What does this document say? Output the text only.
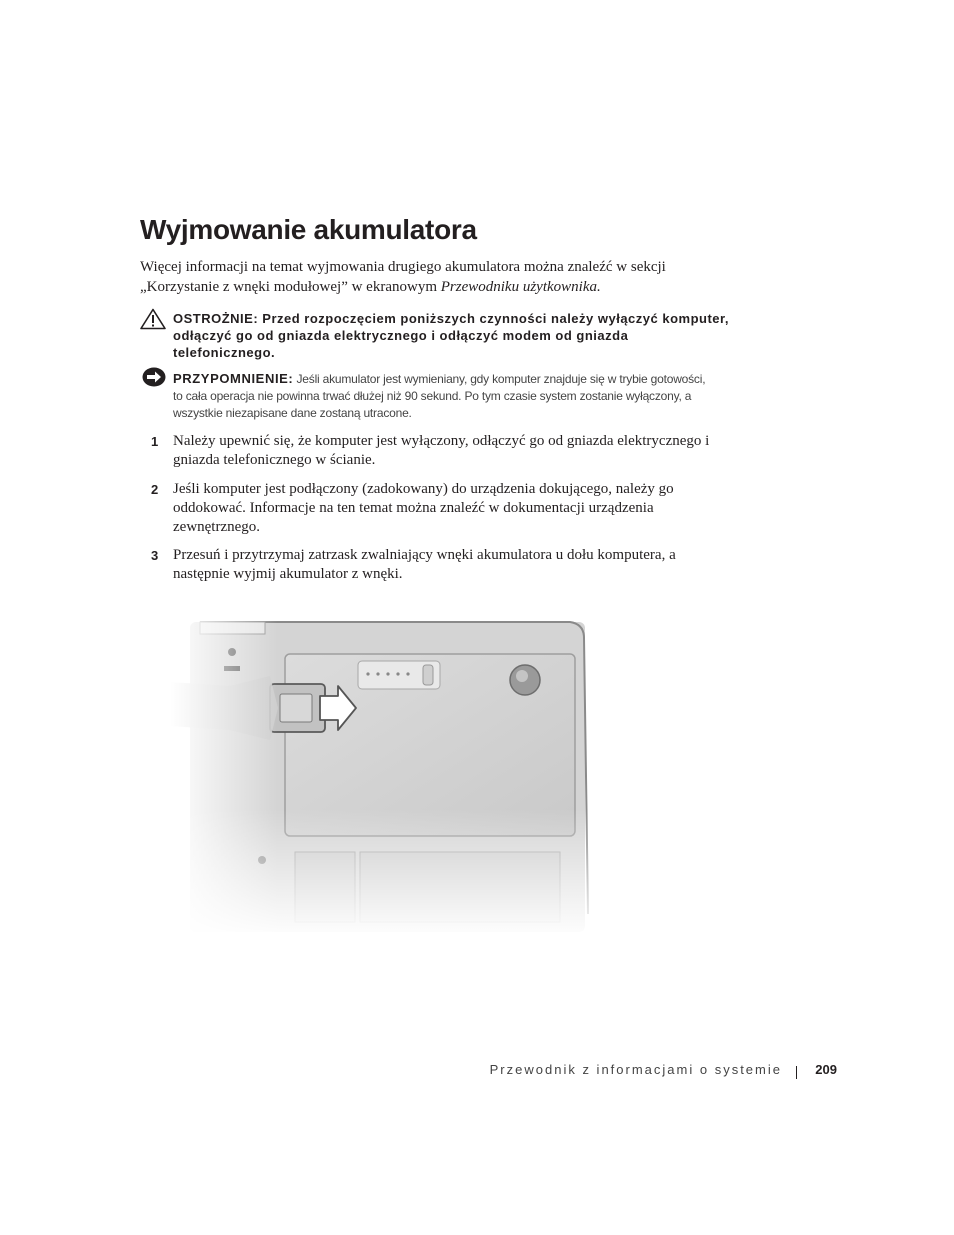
Wyjmowanie akumulatora

Więcej informacji na temat wyjmowania drugiego akumulatora można znaleźć w sekcji

„Korzystanie z wnęki modułowej” w ekranowym Przewodniku użytkownika.

OSTROŻNIE: Przed rozpoczęciem poniższych czynności należy wyłączyć komputer, odłączyć go od gniazda elektrycznego i odłączyć modem od gniazda telefonicznego.

PRZYPOMNIENIE: Jeśli akumulator jest wymieniany, gdy komputer znajduje się w trybie gotowości, to cała operacja nie powinna trwać dłużej niż 90 sekund. Po tym czasie system zostanie wyłączony, a wszystkie niezapisane dane zostaną utracone.

1 Należy upewnić się, że komputer jest wyłączony, odłączyć go od gniazda elektrycznego i gniazda telefonicznego w ścianie.

2 Jeśli komputer jest podłączony (zadokowany) do urządzenia dokującego, należy go oddokować. Informacje na ten temat można znaleźć w dokumentacji urządzenia zewnętrznego.

3 Przesuń i przytrzymaj zatrzask zwalniający wnęki akumulatora u dołu komputera, a następnie wyjmij akumulator z wnęki.

Przewodnik z informacjami o systemie	209
